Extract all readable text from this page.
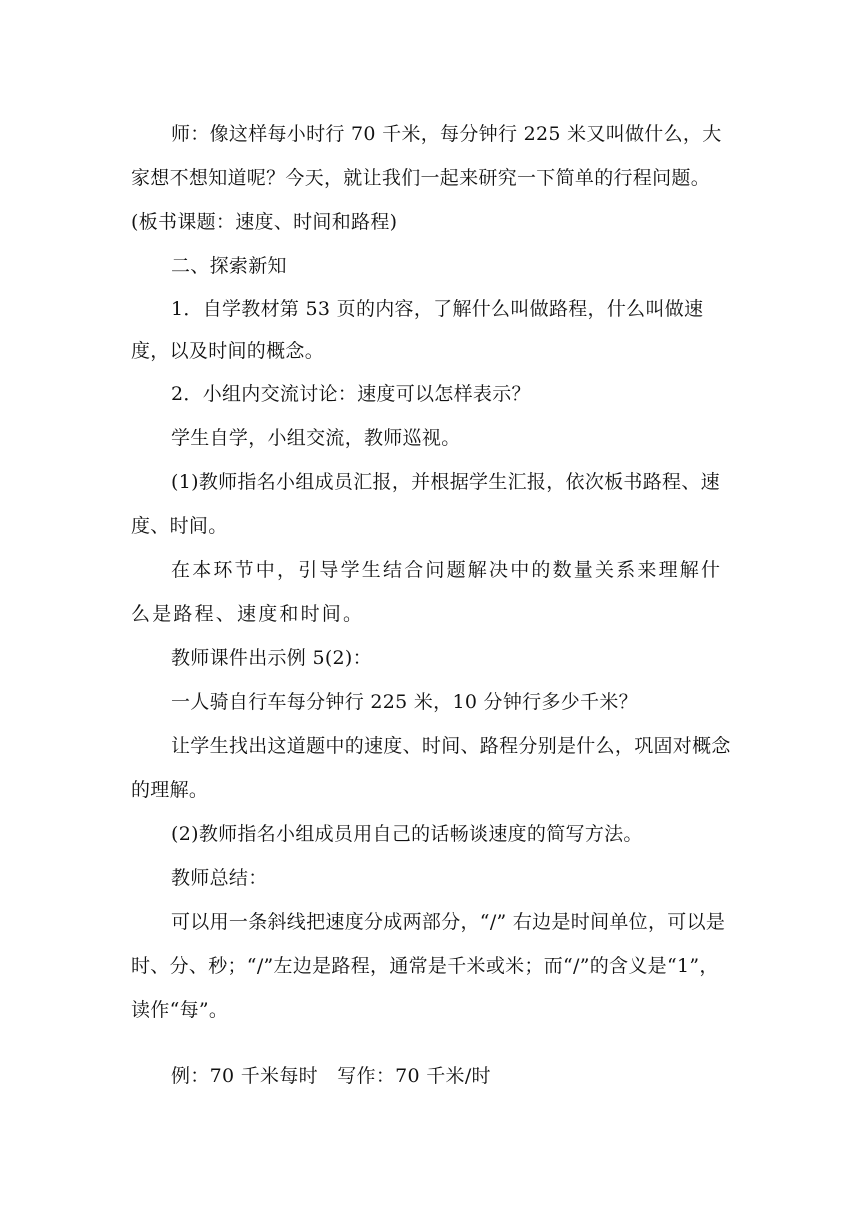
师：像这样每小时行 70 千米，每分钟行 225 米又叫做什么，大家想不想知道呢？今天，就让我们一起来研究一下简单的行程问题。(板书课题：速度、时间和路程)

二、探索新知

1．自学教材第 53 页的内容，了解什么叫做路程，什么叫做速度，以及时间的概念。

2．小组内交流讨论：速度可以怎样表示？

学生自学，小组交流，教师巡视。

(1)教师指名小组成员汇报，并根据学生汇报，依次板书路程、速度、时间。

在本环节中，引导学生结合问题解决中的数量关系来理解什么是路程、速度和时间。

教师课件出示例 5(2)：

一人骑自行车每分钟行 225 米，10 分钟行多少千米？

让学生找出这道题中的速度、时间、路程分别是什么，巩固对概念的理解。

(2)教师指名小组成员用自己的话畅谈速度的简写方法。

教师总结：

可以用一条斜线把速度分成两部分，“/” 右边是时间单位，可以是时、分、秒；“/”左边是路程，通常是千米或米；而“/”的含义是“1”，读作“每”。

例：70 千米每时　写作：70 千米/时
